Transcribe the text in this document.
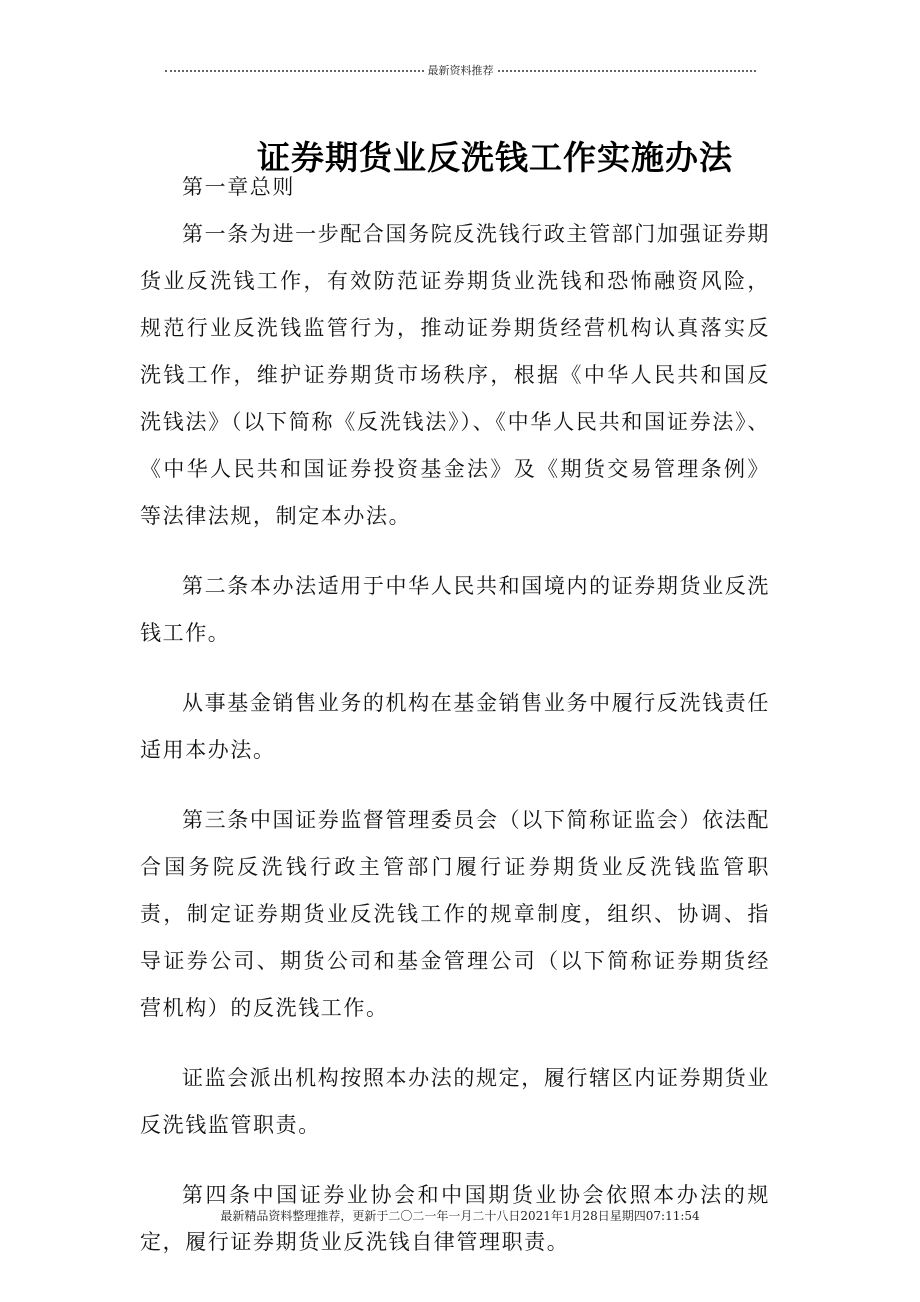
最新资料推荐
证券期货业反洗钱工作实施办法

第一章总则

第一条为进一步配合国务院反洗钱行政主管部门加强证券期货业反洗钱工作，有效防范证券期货业洗钱和恐怖融资风险，规范行业反洗钱监管行为，推动证券期货经营机构认真落实反洗钱工作，维护证券期货市场秩序，根据《中华人民共和国反洗钱法》（以下简称《反洗钱法》）、《中华人民共和国证券法》、《中华人民共和国证券投资基金法》及《期货交易管理条例》等法律法规，制定本办法。

第二条本办法适用于中华人民共和国境内的证券期货业反洗钱工作。

从事基金销售业务的机构在基金销售业务中履行反洗钱责任适用本办法。

第三条中国证券监督管理委员会（以下简称证监会）依法配合国务院反洗钱行政主管部门履行证券期货业反洗钱监管职责，制定证券期货业反洗钱工作的规章制度，组织、协调、指导证券公司、期货公司和基金管理公司（以下简称证券期货经营机构）的反洗钱工作。

证监会派出机构按照本办法的规定，履行辖区内证券期货业反洗钱监管职责。

第四条中国证券业协会和中国期货业协会依照本办法的规定，履行证券期货业反洗钱自律管理职责。

最新精品资料整理推荐，更新于二〇二一年一月二十八日2021年1月28日星期四07:11:54
